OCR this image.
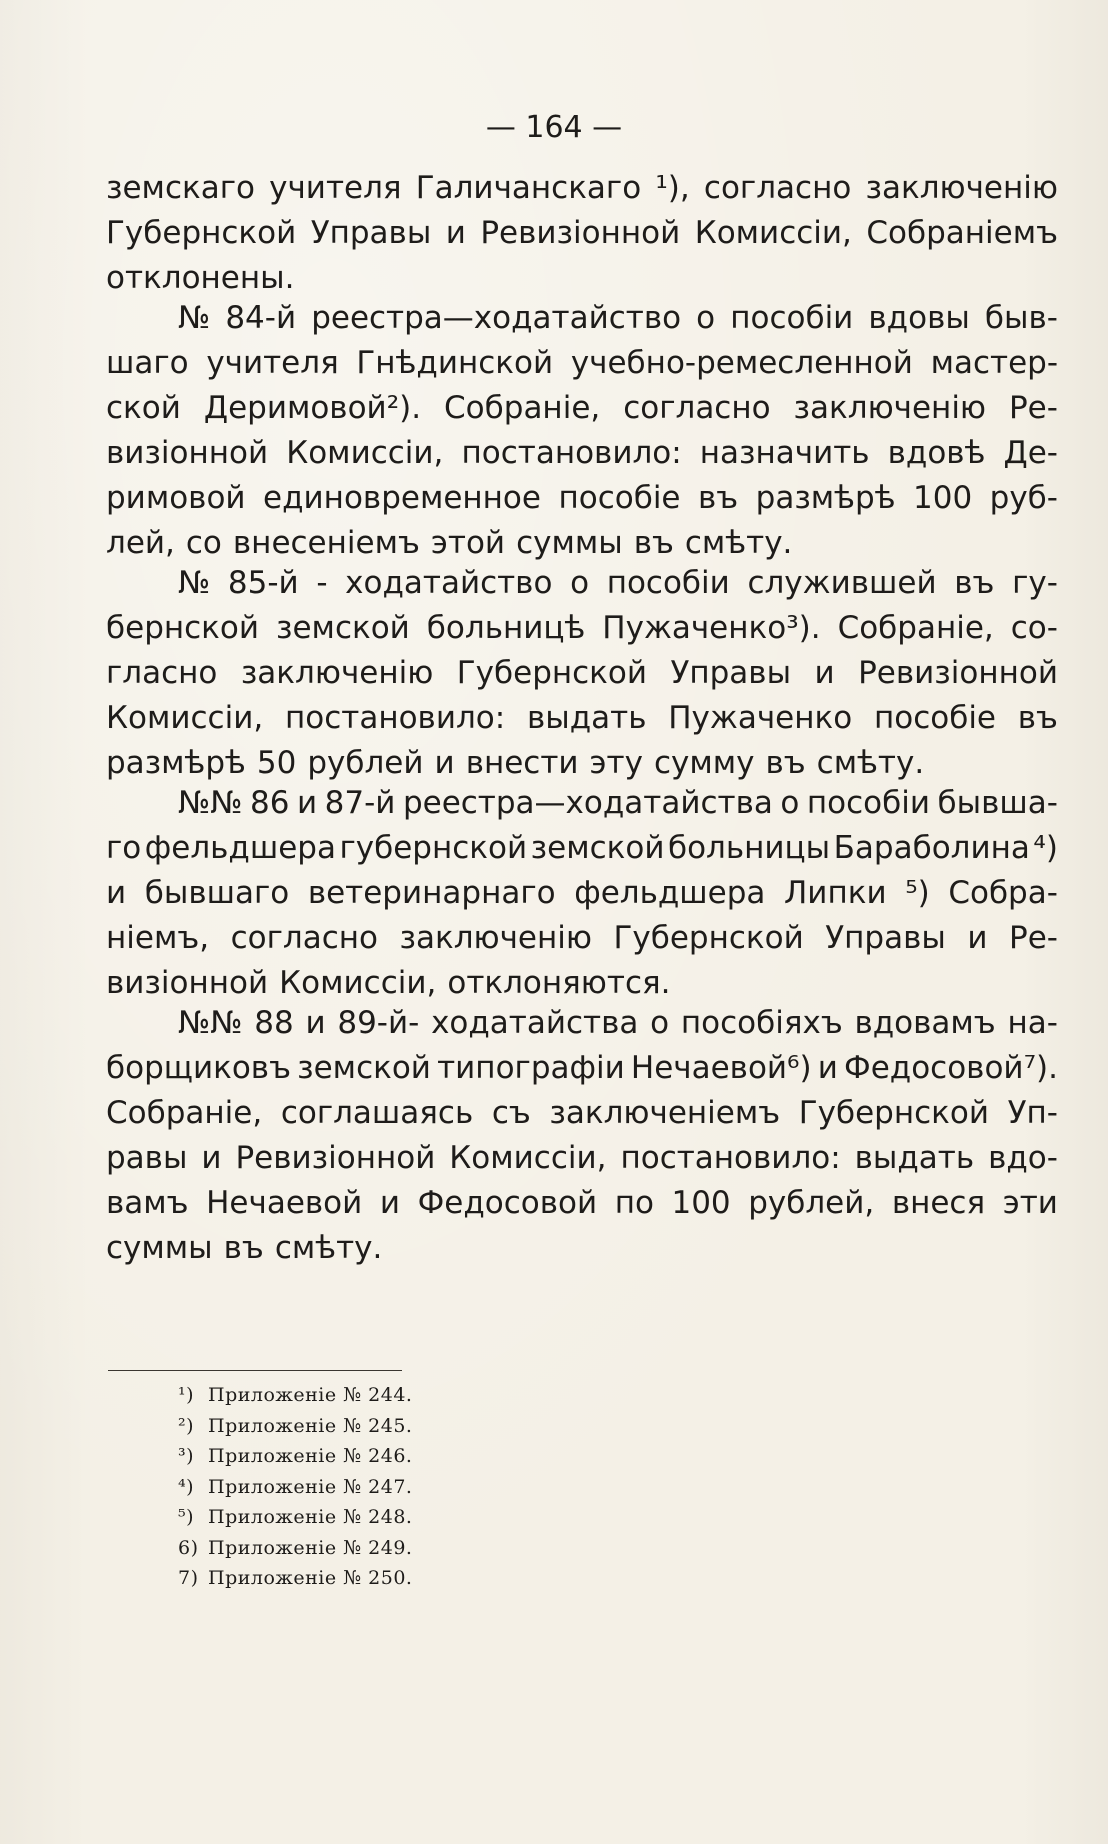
— 164 —
земскаго учителя Галичанскаго ¹), согласно заключенію
Губернской Управы и Ревизіонной Комиссіи, Собраніемъ
отклонены.
№ 84-й реестра—ходатайство о пособіи вдовы быв-
шаго учителя Гнѣдинской учебно-ремесленной мастер-
ской Деримовой²). Собраніе, согласно заключенію Ре-
визіонной Комиссіи, постановило: назначить вдовѣ Де-
римовой единовременное пособіе въ размѣрѣ 100 руб-
лей, со внесеніемъ этой суммы въ смѣту.
№ 85-й - ходатайство о пособіи служившей въ гу-
бернской земской больницѣ Пужаченко³). Собраніе, со-
гласно заключенію Губернской Управы и Ревизіонной
Комиссіи, постановило: выдать Пужаченко пособіе въ
размѣрѣ 50 рублей и внести эту сумму въ смѣту.
№№ 86 и 87-й реестра—ходатайства о пособіи бывша-
го фельдшера губернской земской больницы Бараболина ⁴)
и бывшаго ветеринарнаго фельдшера Липки ⁵) Собра-
ніемъ, согласно заключенію Губернской Управы и Ре-
визіонной Комиссіи, отклоняются.
№№ 88 и 89-й- ходатайства о пособіяхъ вдовамъ на-
борщиковъ земской типографіи Нечаевой⁶) и Федосовой⁷).
Собраніе, соглашаясь съ заключеніемъ Губернской Уп-
равы и Ревизіонной Комиссіи, постановило: выдать вдо-
вамъ Нечаевой и Федосовой по 100 рублей, внеся эти
суммы въ смѣту.
¹) Приложеніе № 244.
²) Приложеніе № 245.
³) Приложеніе № 246.
⁴) Приложеніе № 247.
⁵) Приложеніе № 248.
6) Приложеніе № 249.
7) Приложеніе № 250.
